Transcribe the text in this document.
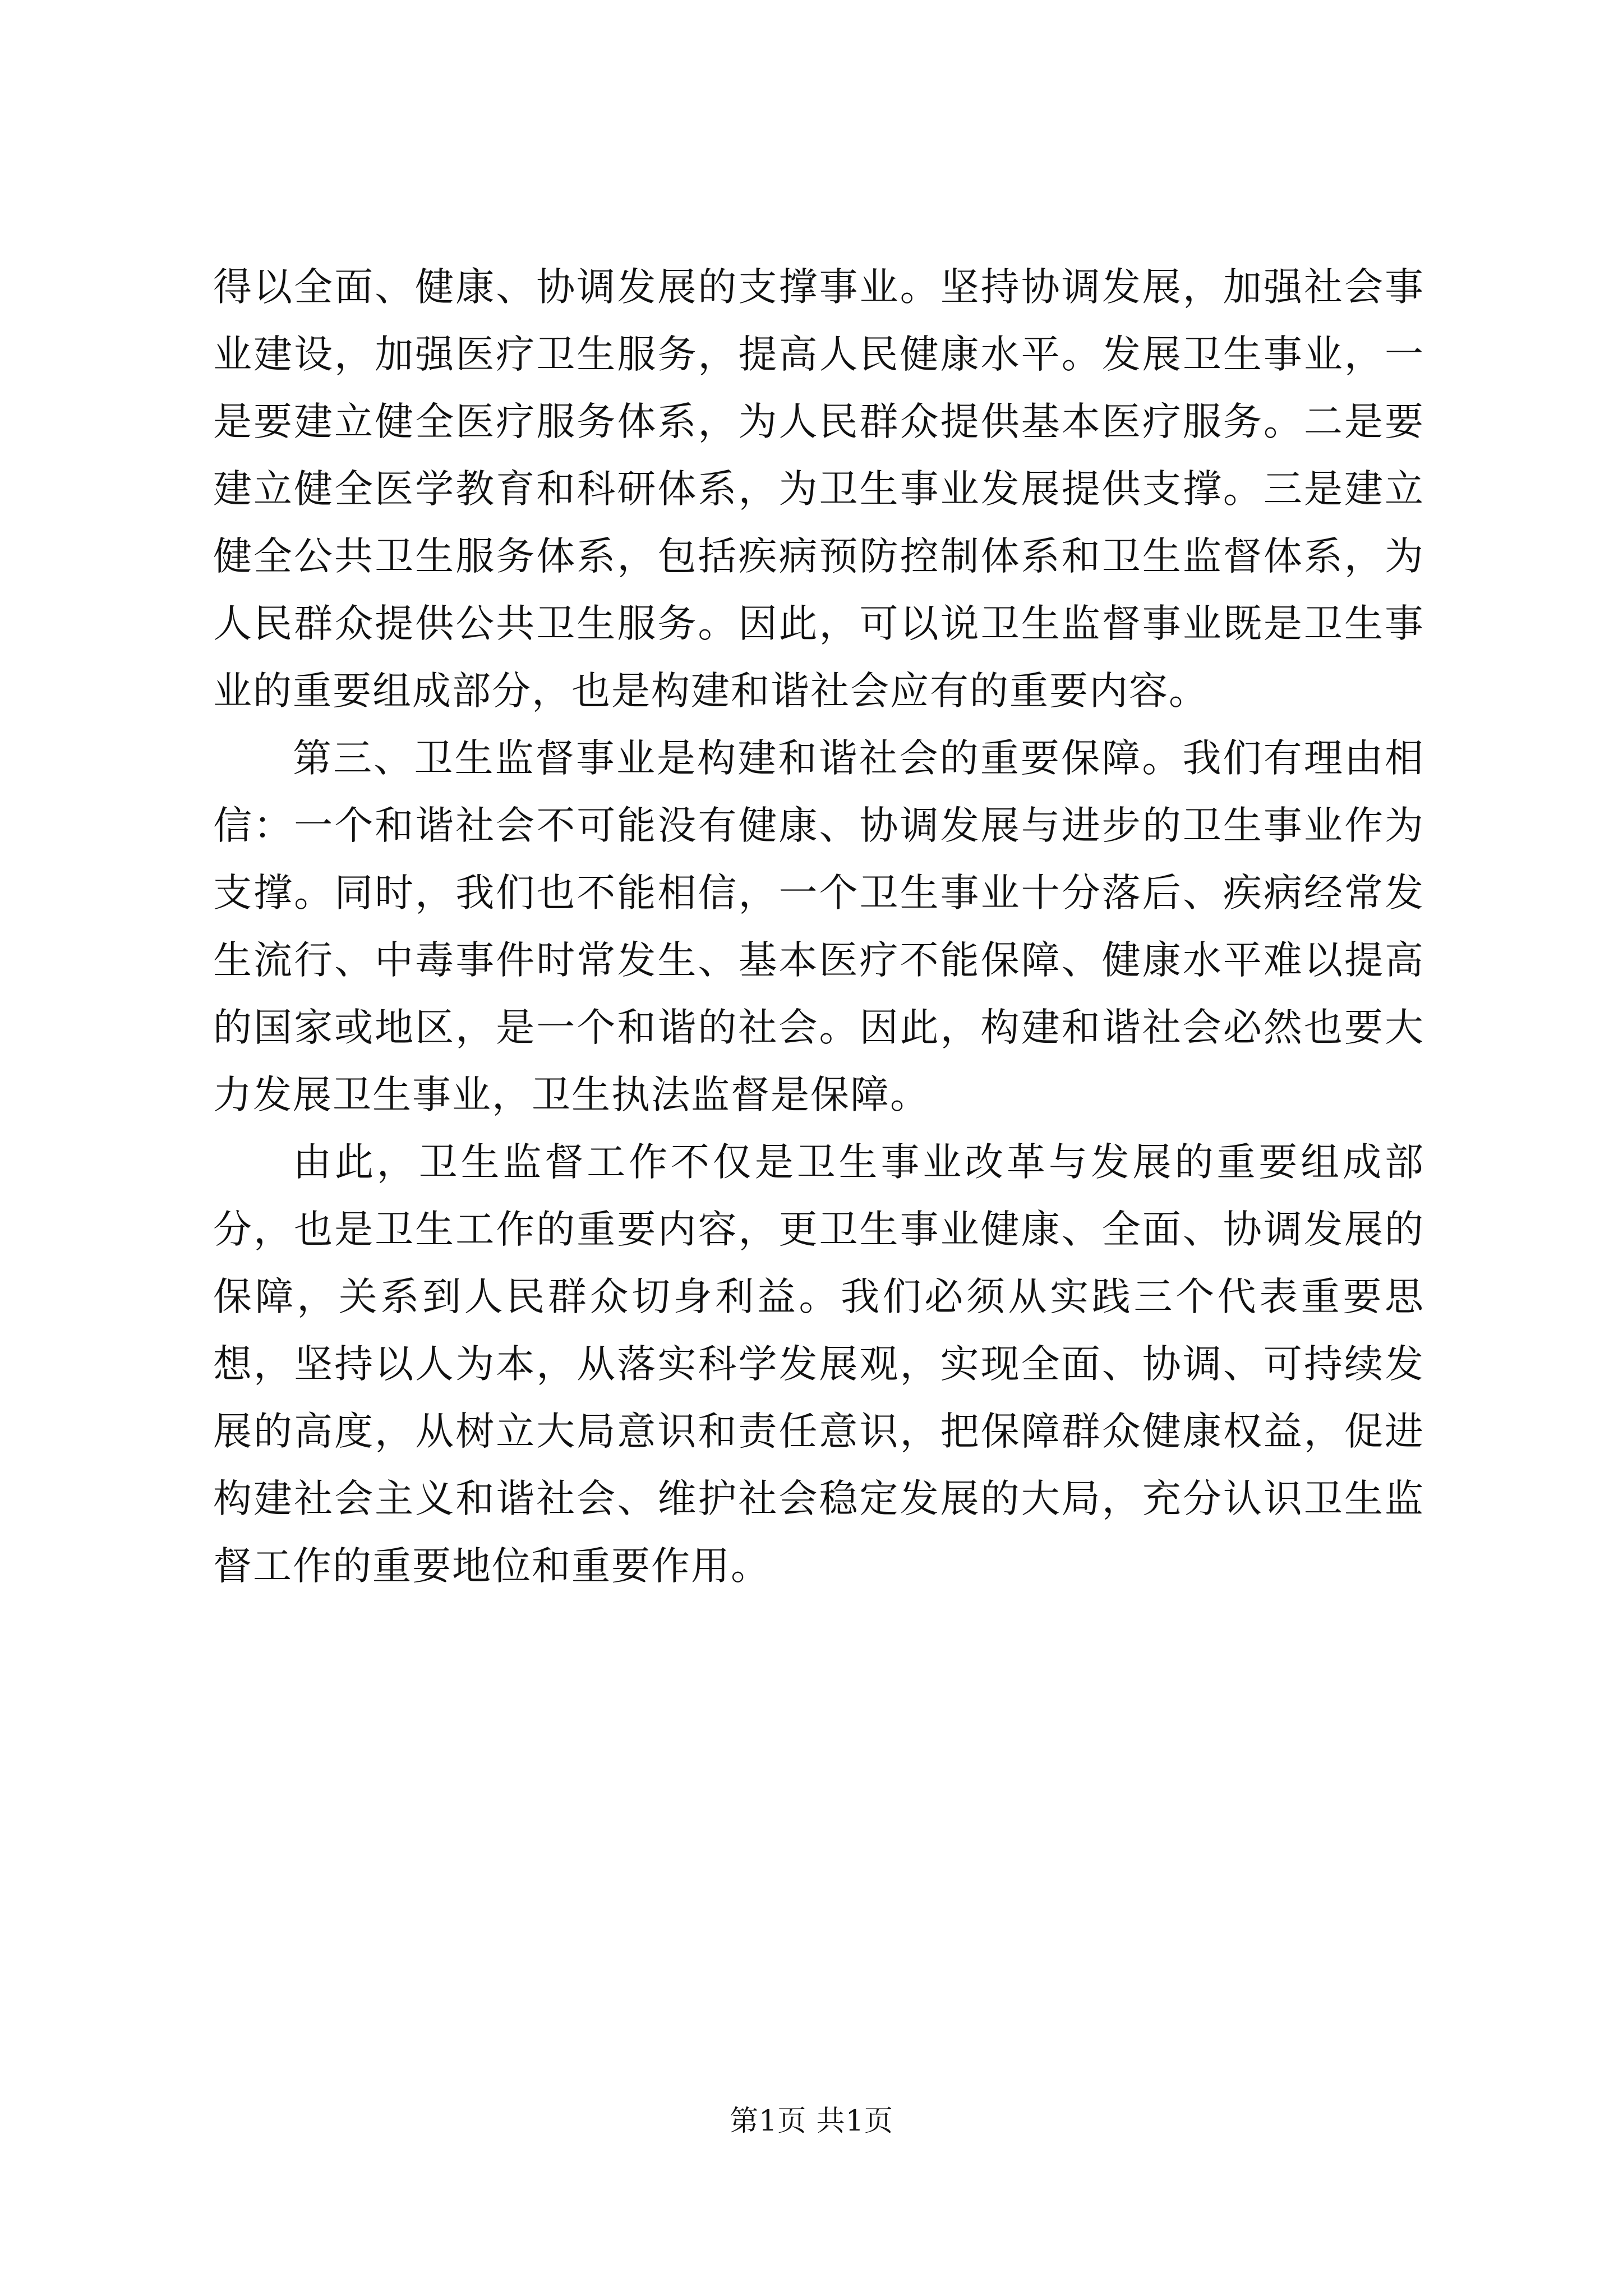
得以全面、健康、协调发展的支撑事业。坚持协调发展，加强社会事业建设，加强医疗卫生服务，提高人民健康水平。发展卫生事业，一是要建立健全医疗服务体系，为人民群众提供基本医疗服务。二是要建立健全医学教育和科研体系，为卫生事业发展提供支撑。三是建立健全公共卫生服务体系，包括疾病预防控制体系和卫生监督体系，为人民群众提供公共卫生服务。因此，可以说卫生监督事业既是卫生事业的重要组成部分，也是构建和谐社会应有的重要内容。

第三、卫生监督事业是构建和谐社会的重要保障。我们有理由相信：一个和谐社会不可能没有健康、协调发展与进步的卫生事业作为支撑。同时，我们也不能相信，一个卫生事业十分落后、疾病经常发生流行、中毒事件时常发生、基本医疗不能保障、健康水平难以提高的国家或地区，是一个和谐的社会。因此，构建和谐社会必然也要大力发展卫生事业，卫生执法监督是保障。

由此，卫生监督工作不仅是卫生事业改革与发展的重要组成部分，也是卫生工作的重要内容，更卫生事业健康、全面、协调发展的保障，关系到人民群众切身利益。我们必须从实践三个代表重要思想，坚持以人为本，从落实科学发展观，实现全面、协调、可持续发展的高度，从树立大局意识和责任意识，把保障群众健康权益，促进构建社会主义和谐社会、维护社会稳定发展的大局，充分认识卫生监督工作的重要地位和重要作用。

第1页 共1页
